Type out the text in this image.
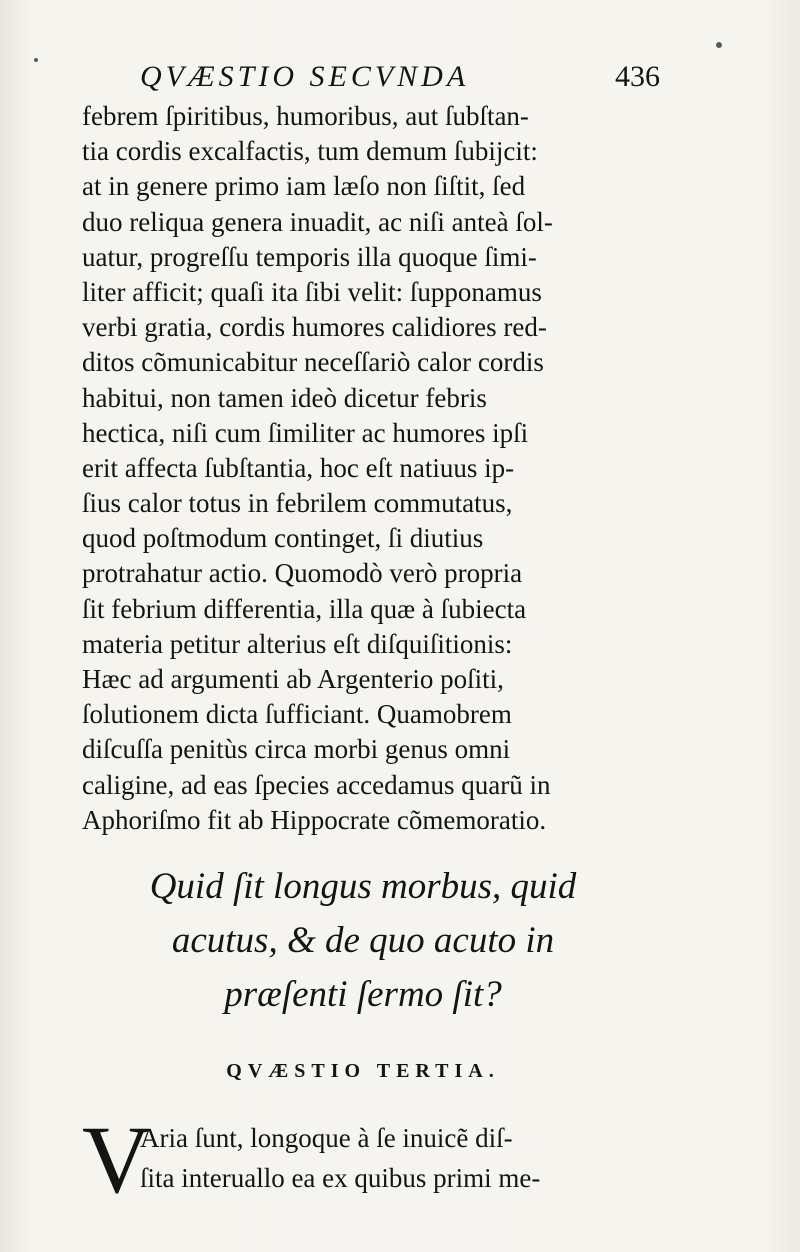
QVÆSTIO SECVNDA	436
febrem ſpiritibus, humoribus, aut ſubſtan-
tia cordis excalfactis, tum demum ſubijcit:
at in genere primo iam læſo non ſiſtit, ſed
duo reliqua genera inuadit, ac niſi anteà ſol-
uatur, progreſſu temporis illa quoque ſimi-
liter afficit; quaſi ita ſibi velit: ſupponamus
verbi gratia, cordis humores calidiores red-
ditos cõmunicabitur neceſſariò calor cordis
habitui, non tamen ideò dicetur febris
hectica, niſi cum ſimiliter ac humores ipſi
erit affecta ſubſtantia, hoc eſt natiuus ip-
ſius calor totus in febrilem commutatus,
quod poſtmodum continget, ſi diutius
protrahatur actio. Quomodò verò propria
ſit febrium differentia, illa quæ à ſubiecta
materia petitur alterius eſt diſquiſitionis:
Hæc ad argumenti ab Argenterio poſiti,
ſolutionem dicta ſufficiant. Quamobrem
diſcuſſa penitùs circa morbi genus omni
caligine, ad eas ſpecies accedamus quarũ in
Aphoriſmo fit ab Hippocrate cõmemoratio.
Quid ſit longus morbus, quid
acutus, & de quo acuto in
præſenti ſermo ſit?
QVÆSTIO TERTIA.
V
Aria ſunt, longoque à ſe inuicẽ diſ-
ſita interuallo ea ex quibus primi me-
